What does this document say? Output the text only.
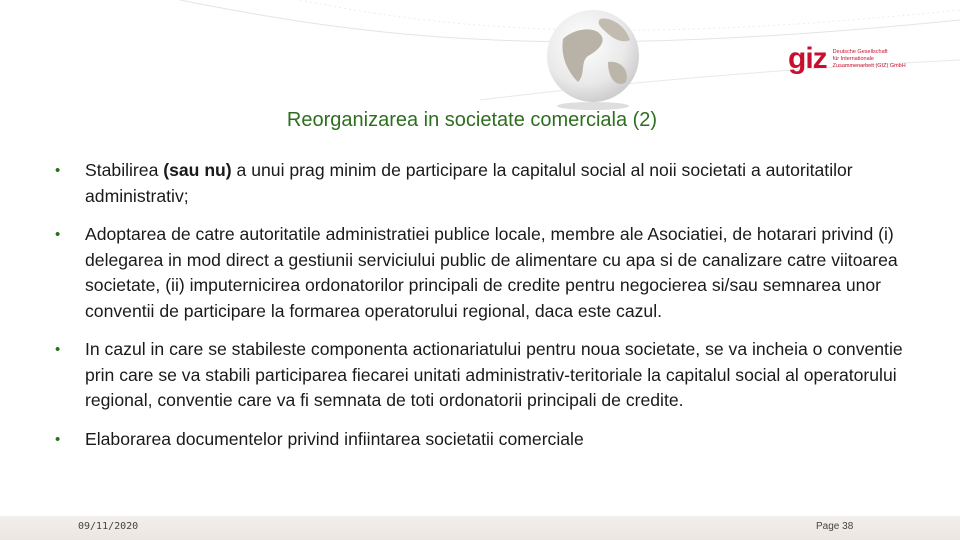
giz Deutsche Gesellschaft
für Internationale
Zusammenarbeit (GIZ) GmbH
Reorganizarea in societate comerciala (2)
• Stabilirea (sau nu) a unui prag minim de participare la capitalul social al noii societati a autoritatilor administrativ;
• Adoptarea de catre autoritatile administratiei publice locale, membre ale Asociatiei, de hotarari privind (i) delegarea in mod direct a gestiunii serviciului public de alimentare cu apa si de canalizare catre viitoarea societate, (ii) imputernicirea ordonatorilor principali de credite pentru negocierea si/sau semnarea unor conventii de participare la formarea operatorului regional, daca este cazul.
• In cazul in care se stabileste componenta actionariatului pentru noua societate, se va incheia o conventie prin care se va stabili participarea fiecarei unitati administrativ-teritoriale la capitalul social al operatorului regional, conventie care va fi semnata de toti ordonatorii principali de credite.
• Elaborarea documentelor privind infiintarea societatii comerciale
09/11/2020	Page 38
